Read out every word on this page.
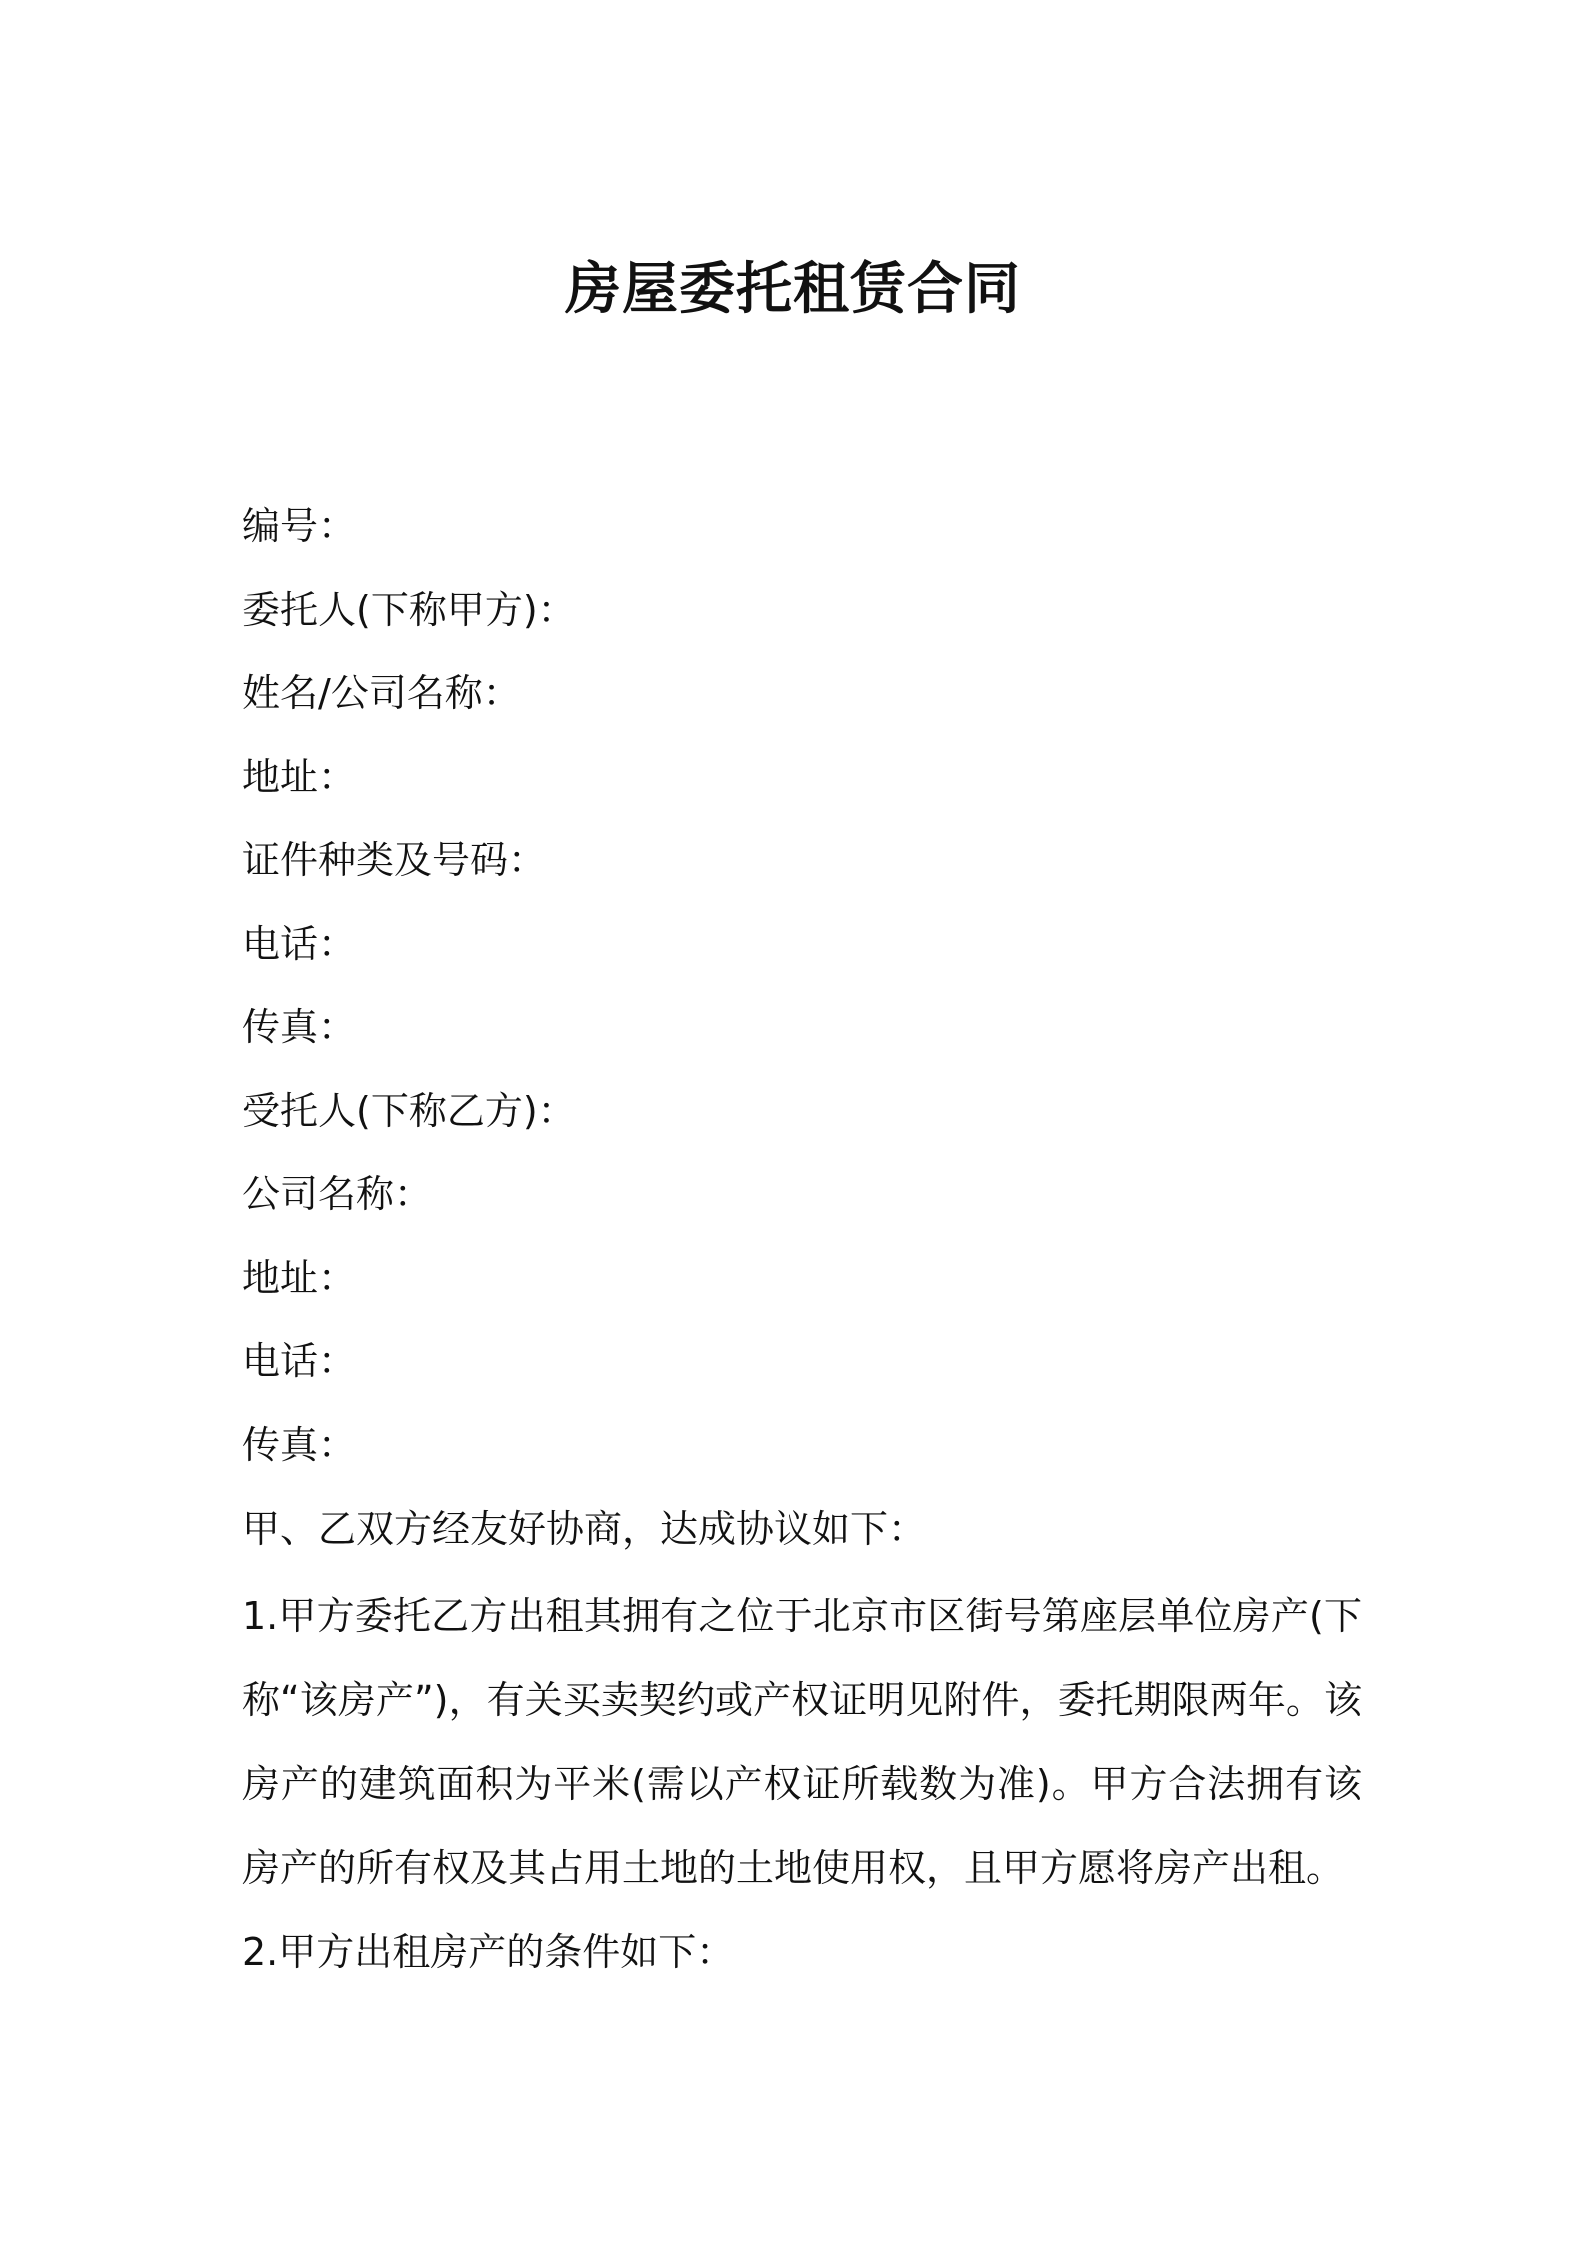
房屋委托租赁合同
编号：
委托人(下称甲方)：
姓名/公司名称：
地址：
证件种类及号码：
电话：
传真：
受托人(下称乙方)：
公司名称：
地址：
电话：
传真：

甲、乙双方经友好协商，达成协议如下：

1.甲方委托乙方出租其拥有之位于北京市区街号第座层单位房产(下称“该房产”)，有关买卖契约或产权证明见附件，委托期限两年。该房产的建筑面积为平米(需以产权证所载数为准)。甲方合法拥有该房产的所有权及其占用土地的土地使用权，且甲方愿将房产出租。

2.甲方出租房产的条件如下：
